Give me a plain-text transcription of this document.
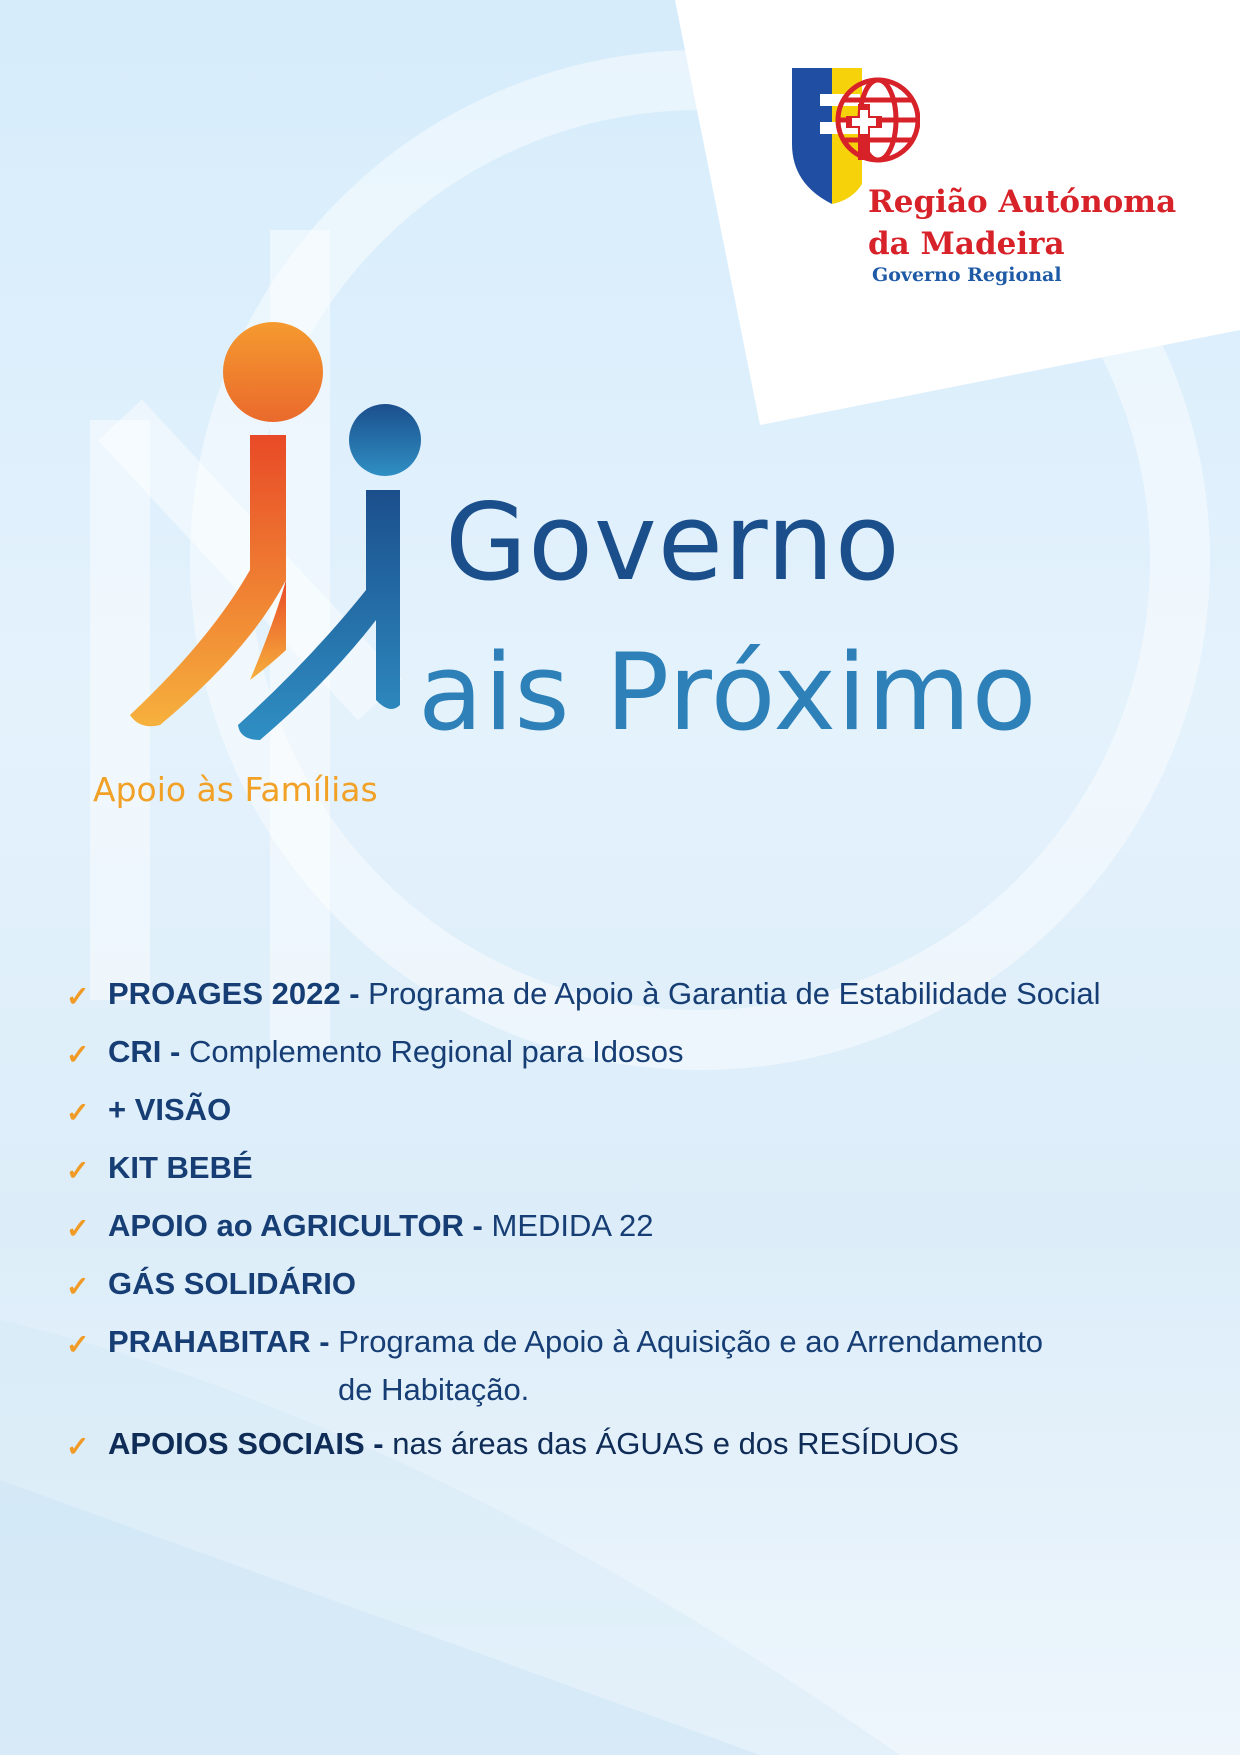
Região Autónoma
da Madeira
Governo Regional
Governo
ais Próximo
Apoio às Famílias
✓ PROAGES 2022 - Programa de Apoio à Garantia de Estabilidade Social
✓ CRI - Complemento Regional para Idosos
✓ + VISÃO
✓ KIT BEBÉ
✓ APOIO ao AGRICULTOR - MEDIDA 22
✓ GÁS SOLIDÁRIO
✓ PRAHABITAR - Programa de Apoio à Aquisição e ao Arrendamento
de Habitação.
✓ APOIOS SOCIAIS - nas áreas das ÁGUAS e dos RESÍDUOS
